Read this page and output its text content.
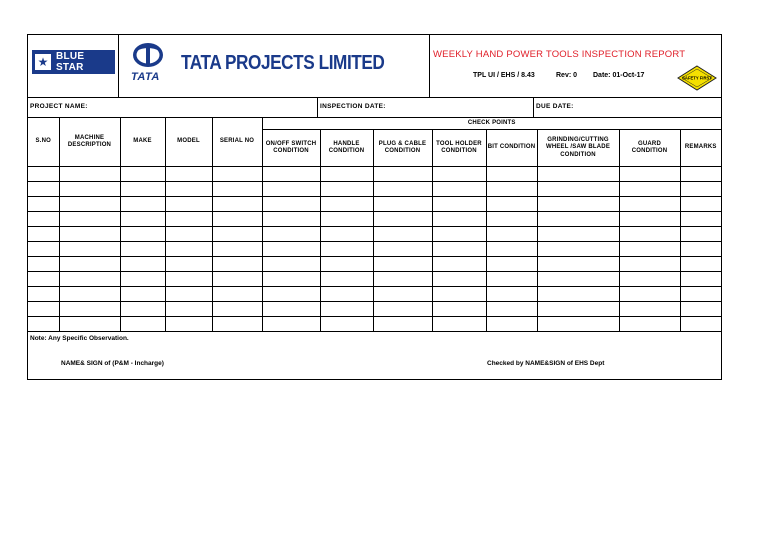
★ BLUE STAR
TATA
TATA PROJECTS LIMITED	WEEKLY HAND POWER TOOLS INSPECTION REPORT
TPL UI / EHS / 8.43	Rev: 0 Date: 01-Oct-17	SAFETY FIRST
PROJECT NAME:	INSPECTION DATE:	DUE DATE:
S.NO	MACHINE DESCRIPTION	MAKE	MODEL	SERIAL NO	CHECK POINTS							
					ON/OFF SWITCH CONDITION	HANDLE CONDITION	PLUG & CABLE CONDITION	TOOL HOLDER CONDITION	BIT CONDITION	GRINDING/CUTTING WHEEL /SAW BLADE CONDITION	GUARD CONDITION	REMARKS

Note: Any Specific Observation.
NAME& SIGN of (P&M - Incharge)	Checked by NAME&SIGN of EHS Dept
